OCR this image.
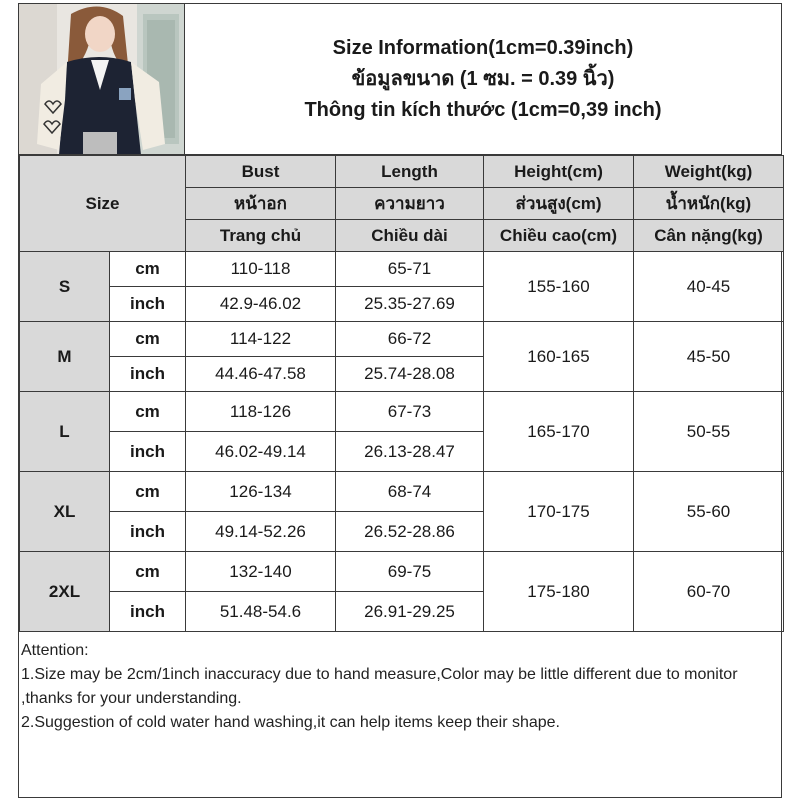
Size Information(1cm=0.39inch)
ข้อมูลขนาด (1 ซม. = 0.39 นิ้ว)
Thông tin kích thước (1cm=0,39 inch)
Size		Bust	Length	Height(cm)	Weight(kg)
		หน้าอก	ความยาว	ส่วนสูง(cm)	น้ำหนัก(kg)
		Trang chủ	Chiều dài	Chiều cao(cm)	Cân nặng(kg)
S	cm	110-118	65-71	155-160	40-45
	inch	42.9-46.02	25.35-27.69		
M	cm	114-122	66-72	160-165	45-50
	inch	44.46-47.58	25.74-28.08		
L	cm	118-126	67-73	165-170	50-55
	inch	46.02-49.14	26.13-28.47		
XL	cm	126-134	68-74	170-175	55-60
	inch	49.14-52.26	26.52-28.86		
2XL	cm	132-140	69-75	175-180	60-70
	inch	51.48-54.6	26.91-29.25		
Attention:
1.Size may be 2cm/1inch inaccuracy due to hand measure,Color may be little different due to monitor ,thanks for your understanding.
2.Suggestion of cold water hand washing,it can help items keep their shape.
